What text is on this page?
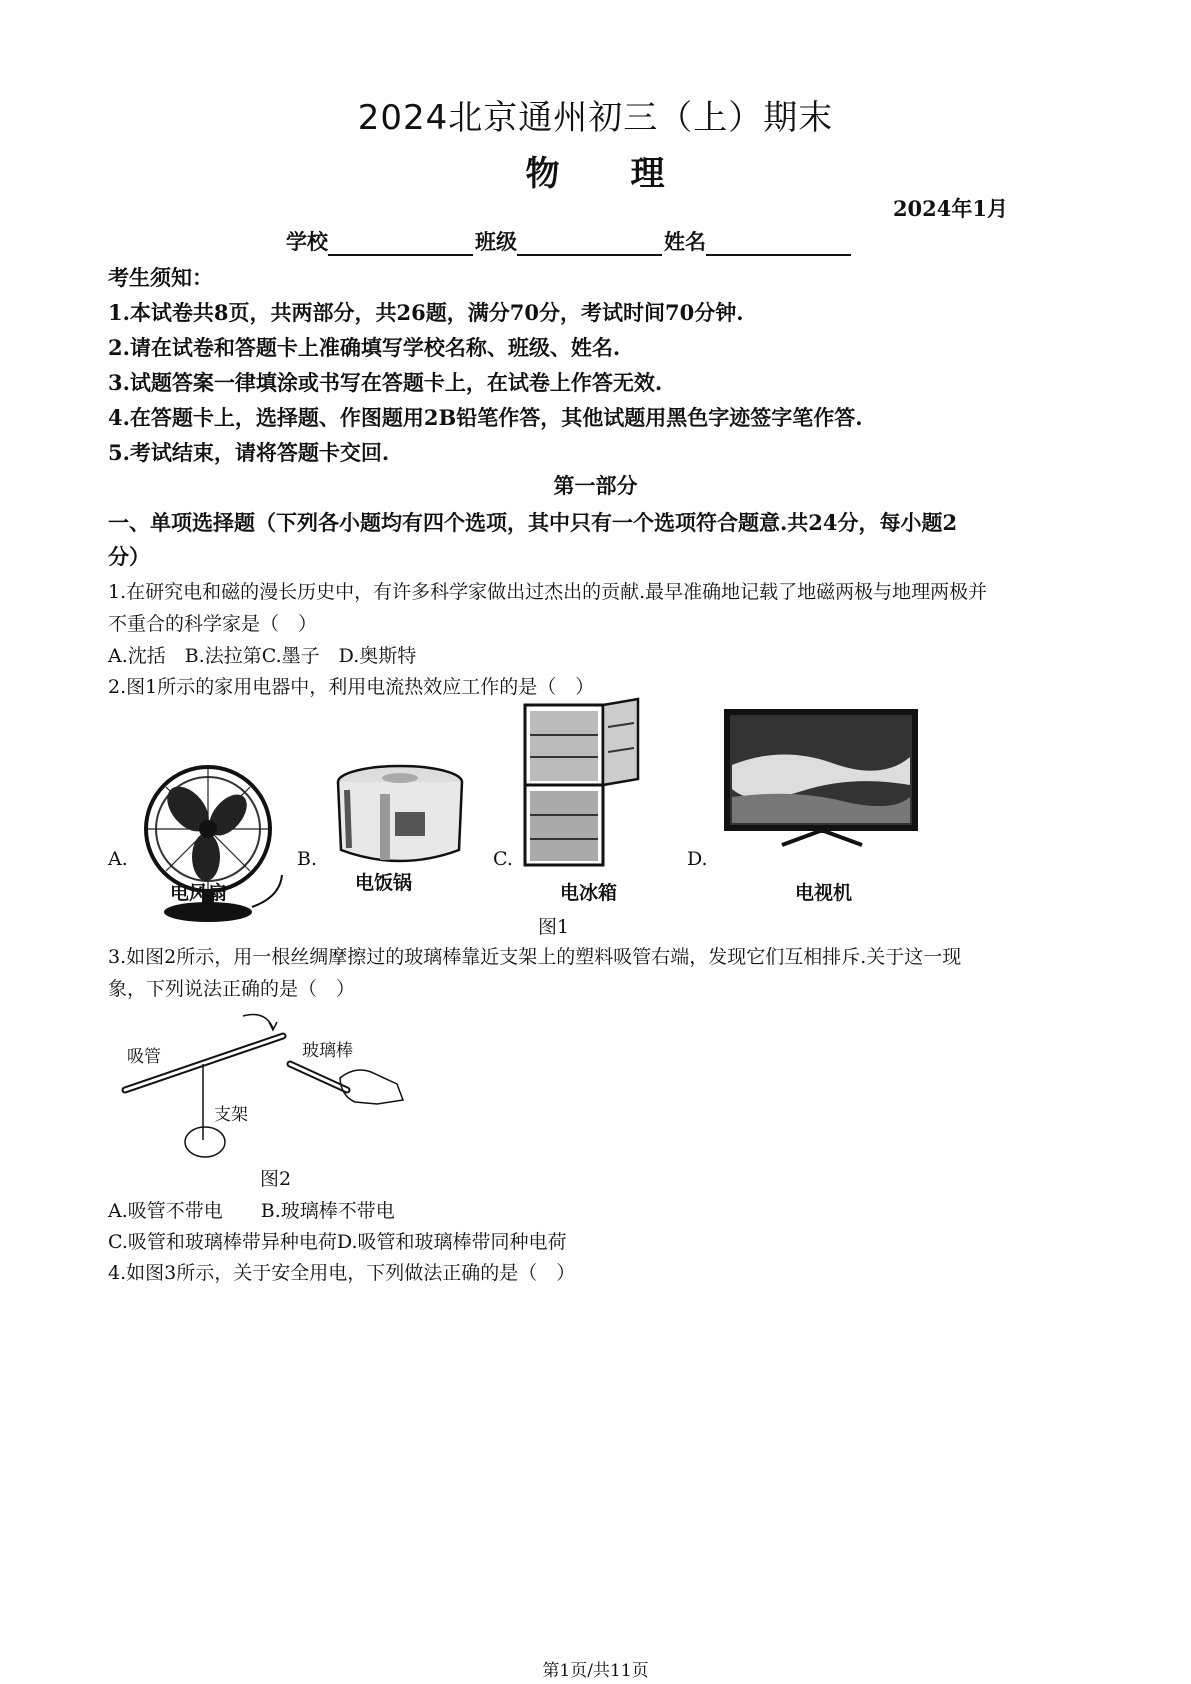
2024北京通州初三（上）期末
物　　理
2024年1月
学校	班级	姓名
考生须知：
1.本试卷共8页，共两部分，共26题，满分70分，考试时间70分钟.
2.请在试卷和答题卡上准确填写学校名称、班级、姓名.
3.试题答案一律填涂或书写在答题卡上，在试卷上作答无效.
4.在答题卡上，选择题、作图题用2B铅笔作答，其他试题用黑色字迹签字笔作答.
5.考试结束，请将答题卡交回.
第一部分
一、单项选择题（下列各小题均有四个选项，其中只有一个选项符合题意.共24分，每小题2
分）
1.在研究电和磁的漫长历史中，有许多科学家做出过杰出的贡献.最早准确地记载了地磁两极与地理两极并
不重合的科学家是（　）
A.沈括　B.法拉第C.墨子　D.奥斯特
2.图1所示的家用电器中，利用电流热效应工作的是（　）
A.
电风扇
B.
电饭锅
C.
电冰箱
D.
电视机
图1
3.如图2所示，用一根丝绸摩擦过的玻璃棒靠近支架上的塑料吸管右端，发现它们互相排斥.关于这一现
象，下列说法正确的是（　）
吸管	玻璃棒
支架
图2
A.吸管不带电　　B.玻璃棒不带电
C.吸管和玻璃棒带异种电荷D.吸管和玻璃棒带同种电荷
4.如图3所示，关于安全用电，下列做法正确的是（　）
第1页/共11页
